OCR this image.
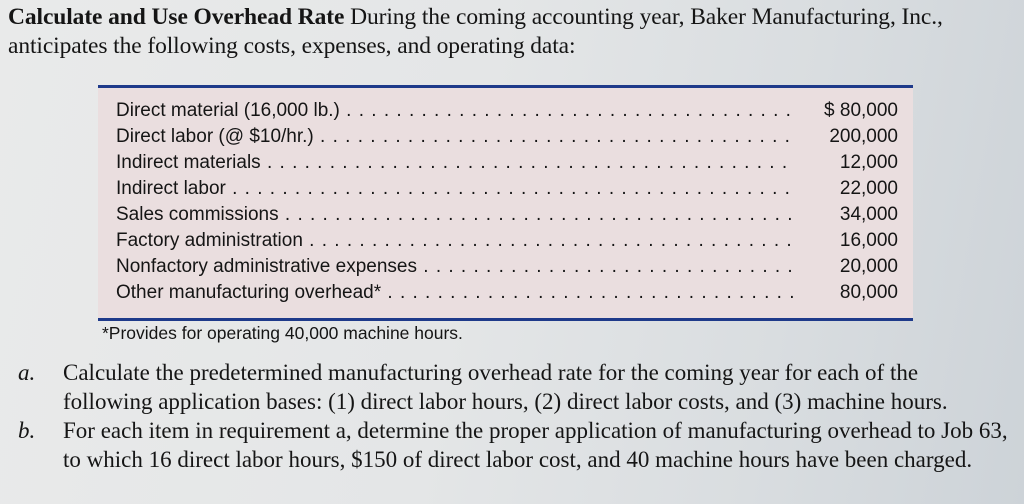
Calculate and Use Overhead Rate During the coming accounting year, Baker Manufacturing, Inc., anticipates the following costs, expenses, and operating data:
Direct material (16,000 lb.) . . .	$ 80,000
Direct labor (@ $10/hr.) . . .	200,000
Indirect materials . . .	12,000
Indirect labor . . .	22,000
Sales commissions . . .	34,000
Factory administration . . .	16,000
Nonfactory administrative expenses . . .	20,000
Other manufacturing overhead* . . .	80,000
*Provides for operating 40,000 machine hours.
a. Calculate the predetermined manufacturing overhead rate for the coming year for each of the following application bases: (1) direct labor hours, (2) direct labor costs, and (3) machine hours.
b. For each item in requirement a, determine the proper application of manufacturing overhead to Job 63, to which 16 direct labor hours, $150 of direct labor cost, and 40 machine hours have been charged.
